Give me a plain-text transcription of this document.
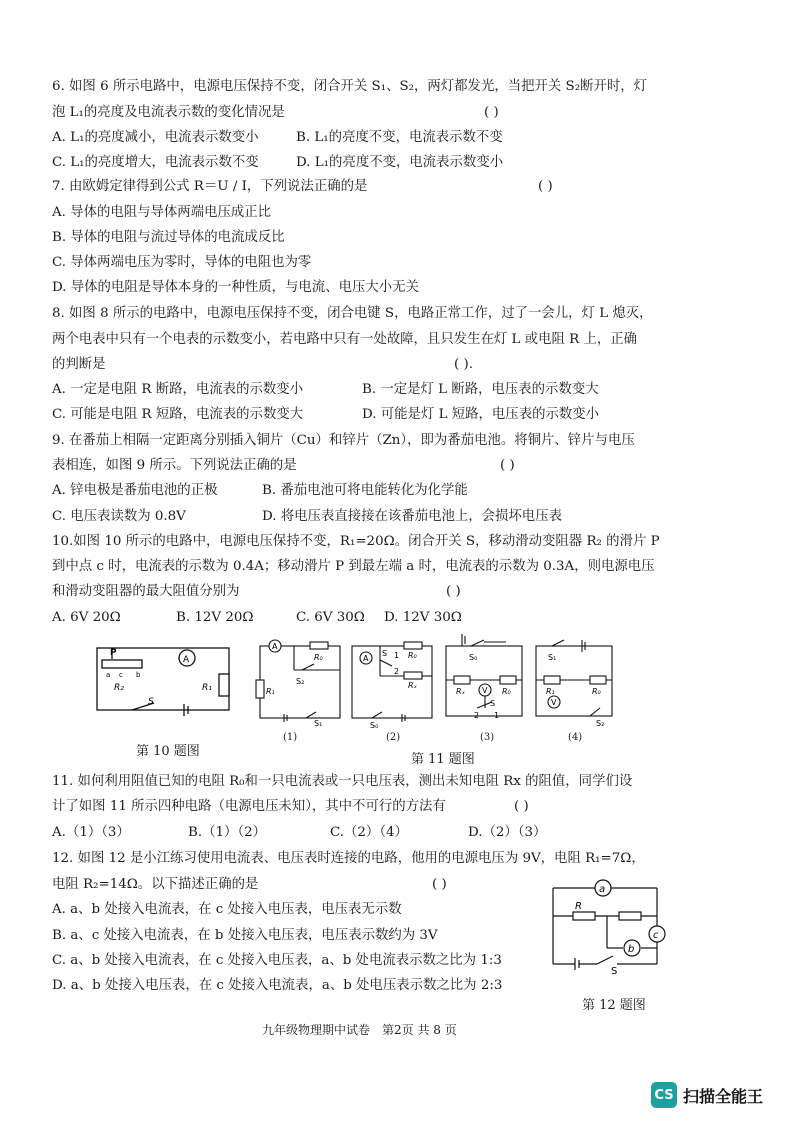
6. 如图 6 所示电路中，电源电压保持不变，闭合开关 S₁、S₂，两灯都发光，当把开关 S₂断开时，灯
泡 L₁的亮度及电流表示数的变化情况是	( )
A. L₁的亮度减小，电流表示数变小	B. L₁的亮度不变，电流表示数不变
C. L₁的亮度增大，电流表示数不变	D. L₁的亮度不变，电流表示数变小
7. 由欧姆定律得到公式 R＝U / I，下列说法正确的是	( )
A. 导体的电阻与导体两端电压成正比
B. 导体的电阻与流过导体的电流成反比
C. 导体两端电压为零时，导体的电阻也为零
D. 导体的电阻是导体本身的一种性质，与电流、电压大小无关
8. 如图 8 所示的电路中，电源电压保持不变，闭合电键 S，电路正常工作，过了一会儿，灯 L 熄灭，
两个电表中只有一个电表的示数变小，若电路中只有一处故障，且只发生在灯 L 或电阻 R 上，正确
的判断是	( ).
A. 一定是电阻 R 断路，电流表的示数变小	B. 一定是灯 L 断路，电压表的示数变大
C. 可能是电阻 R 短路，电流表的示数变大	D. 可能是灯 L 短路，电压表的示数变小
9. 在番茄上相隔一定距离分别插入铜片（Cu）和锌片（Zn），即为番茄电池。将铜片、锌片与电压
表相连，如图 9 所示。下列说法正确的是	( )
A. 锌电极是番茄电池的正极	B. 番茄电池可将电能转化为化学能
C. 电压表读数为 0.8V	D. 将电压表直接接在该番茄电池上，会损坏电压表
10.如图 10 所示的电路中，电源电压保持不变，R₁=20Ω。闭合开关 S，移动滑动变阻器 R₂ 的滑片 P
到中点 c 时，电流表的示数为 0.4A；移动滑片 P 到最左端 a 时，电流表的示数为 0.3A，则电源电压
和滑动变阻器的最大阻值分别为	( )
A. 6V 20Ω	B. 12V 20Ω	C. 6V 30Ω D. 12V 30Ω
P
a c b
R₂
A
R₁
S
第 10 题图
A
R₀
S₂
R₁
S₁
A	R₀
Rₓ
1
2
S
S₀
S₀
Rₓ	R₀
V
S
2 1
S₁
R₁	R₀
V
S₂
(1)	(2)	(3)	(4)
第 11 题图
11. 如何利用阻值已知的电阻 R₀和一只电流表或一只电压表，测出未知电阻 Rx 的阻值，同学们设
计了如图 11 所示四种电路（电源电压未知），其中不可行的方法有	( )
A.（1）（3）	B.（1）（2）	C.（2）（4）	D.（2）（3）
12. 如图 12 是小江练习使用电流表、电压表时连接的电路，他用的电源电压为 9V，电阻 R₁=7Ω，
电阻 R₂=14Ω。以下描述正确的是	( )
A. a、b 处接入电流表，在 c 处接入电压表，电压表无示数
B. a、c 处接入电流表，在 b 处接入电压表，电压表示数约为 3V
C. a、b 处接入电流表，在 c 处接入电压表，a、b 处电流表示数之比为 1:3
D. a、b 处接入电压表，在 c 处接入电流表，a、b 处电压表示数之比为 2:3
a
b
c
R
S
第 12 题图
九年级物理期中试卷　第2页 共 8 页
CS 扫描全能王
